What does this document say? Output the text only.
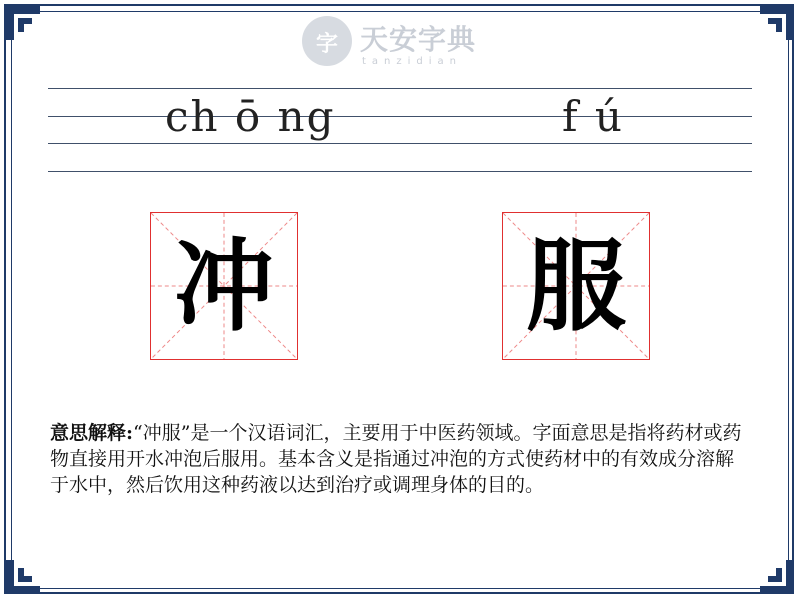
字 天安字典
tanzidian
ch ō ng	f ú
冲	服
意思解释:“冲服”是一个汉语词汇，主要用于中医药领域。字面意思是指将药材或药物直接用开水冲泡后服用。基本含义是指通过冲泡的方式使药材中的有效成分溶解于水中，然后饮用这种药液以达到治疗或调理身体的目的。
